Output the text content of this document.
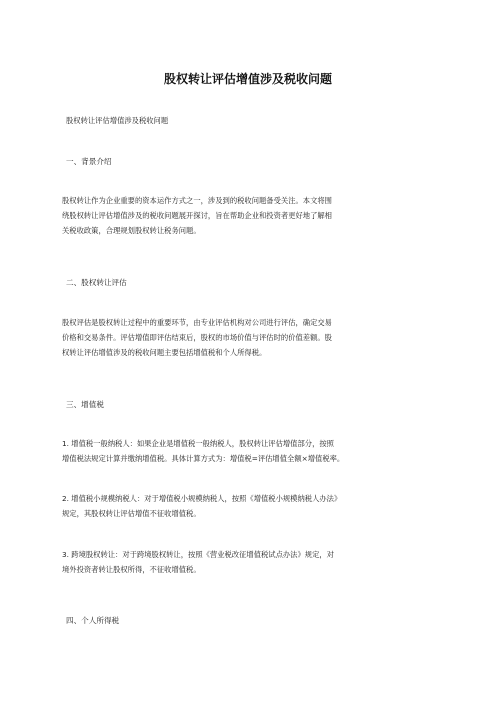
股权转让评估增值涉及税收问题
股权转让评估增值涉及税收问题
一、背景介绍
股权转让作为企业重要的资本运作方式之一，涉及到的税收问题备受关注。本文将围
绕股权转让评估增值涉及的税收问题展开探讨，旨在帮助企业和投资者更好地了解相
关税收政策，合理规划股权转让税务问题。
二、股权转让评估
股权评估是股权转让过程中的重要环节，由专业评估机构对公司进行评估，确定交易
价格和交易条件。评估增值即评估结束后，股权的市场价值与评估时的价值差额。股
权转让评估增值涉及的税收问题主要包括增值税和个人所得税。
三、增值税
1. 增值税一般纳税人：如果企业是增值税一般纳税人，股权转让评估增值部分，按照
增值税法规定计算并缴纳增值税。具体计算方式为：增值税=评估增值全额×增值税率。
2. 增值税小规模纳税人：对于增值税小规模纳税人，按照《增值税小规模纳税人办法》
规定，其股权转让评估增值不征收增值税。
3. 跨境股权转让：对于跨境股权转让，按照《营业税改征增值税试点办法》规定，对
境外投资者转让股权所得，不征收增值税。
四、个人所得税
